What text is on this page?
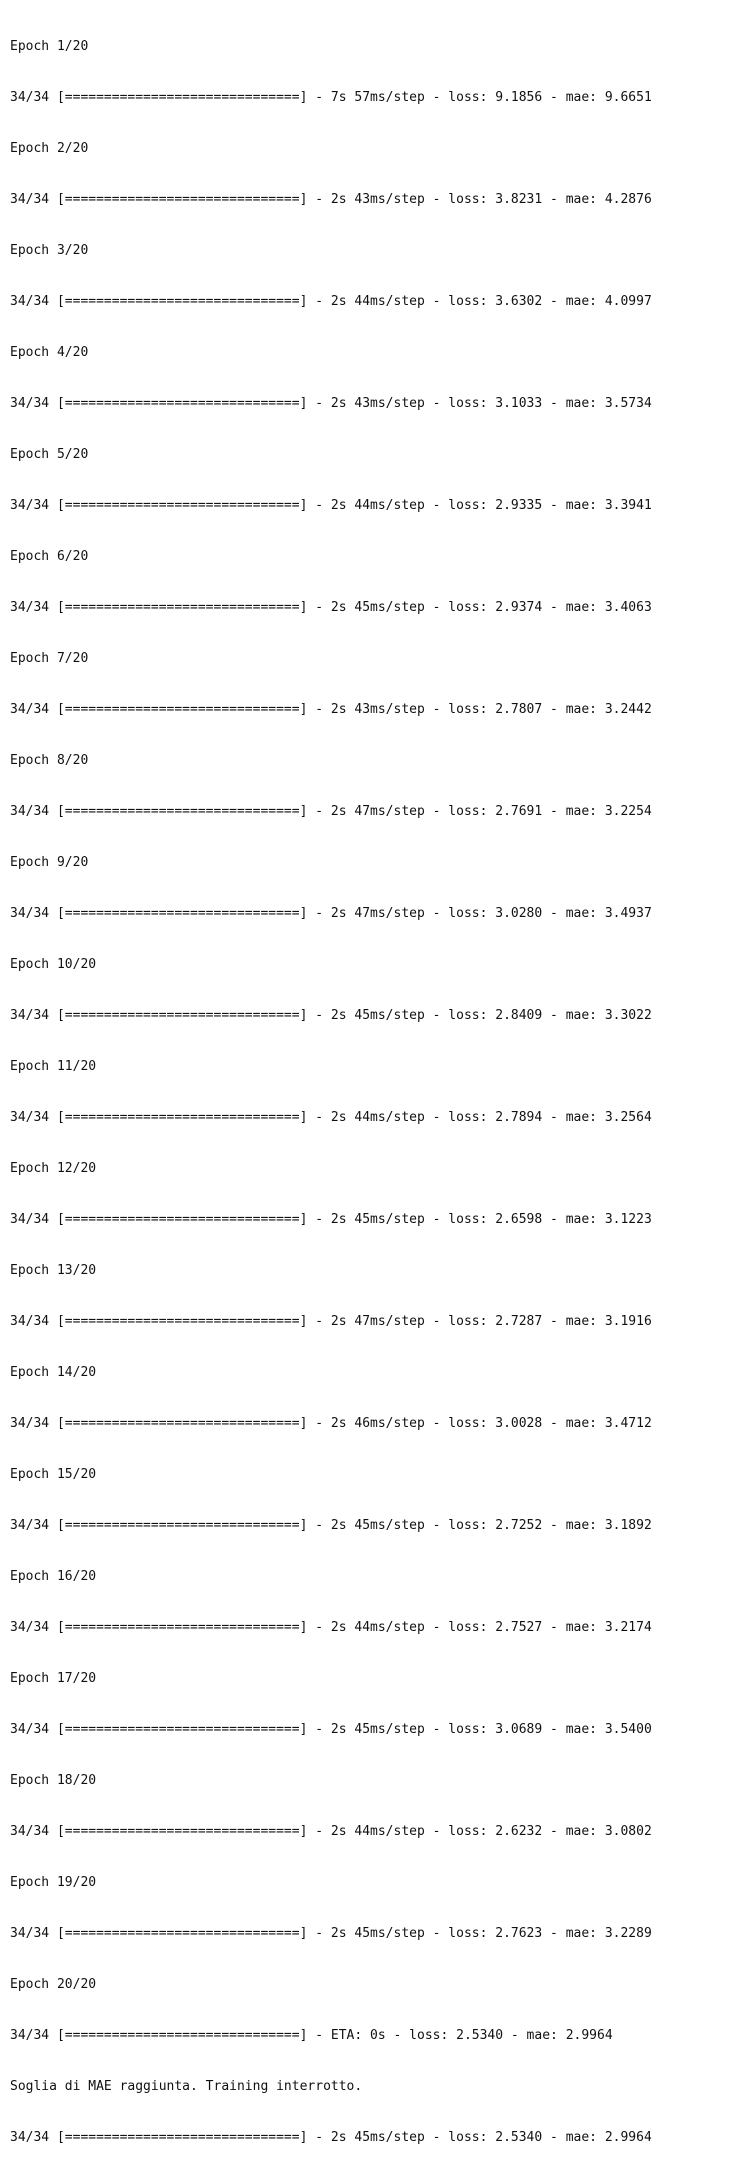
Epoch 1/20

34/34 [==============================] - 7s 57ms/step - loss: 9.1856 - mae: 9.6651

Epoch 2/20

34/34 [==============================] - 2s 43ms/step - loss: 3.8231 - mae: 4.2876

Epoch 3/20

34/34 [==============================] - 2s 44ms/step - loss: 3.6302 - mae: 4.0997

Epoch 4/20

34/34 [==============================] - 2s 43ms/step - loss: 3.1033 - mae: 3.5734

Epoch 5/20

34/34 [==============================] - 2s 44ms/step - loss: 2.9335 - mae: 3.3941

Epoch 6/20

34/34 [==============================] - 2s 45ms/step - loss: 2.9374 - mae: 3.4063

Epoch 7/20

34/34 [==============================] - 2s 43ms/step - loss: 2.7807 - mae: 3.2442

Epoch 8/20

34/34 [==============================] - 2s 47ms/step - loss: 2.7691 - mae: 3.2254

Epoch 9/20

34/34 [==============================] - 2s 47ms/step - loss: 3.0280 - mae: 3.4937

Epoch 10/20

34/34 [==============================] - 2s 45ms/step - loss: 2.8409 - mae: 3.3022

Epoch 11/20

34/34 [==============================] - 2s 44ms/step - loss: 2.7894 - mae: 3.2564

Epoch 12/20

34/34 [==============================] - 2s 45ms/step - loss: 2.6598 - mae: 3.1223

Epoch 13/20

34/34 [==============================] - 2s 47ms/step - loss: 2.7287 - mae: 3.1916

Epoch 14/20

34/34 [==============================] - 2s 46ms/step - loss: 3.0028 - mae: 3.4712

Epoch 15/20

34/34 [==============================] - 2s 45ms/step - loss: 2.7252 - mae: 3.1892

Epoch 16/20

34/34 [==============================] - 2s 44ms/step - loss: 2.7527 - mae: 3.2174

Epoch 17/20

34/34 [==============================] - 2s 45ms/step - loss: 3.0689 - mae: 3.5400

Epoch 18/20

34/34 [==============================] - 2s 44ms/step - loss: 2.6232 - mae: 3.0802

Epoch 19/20

34/34 [==============================] - 2s 45ms/step - loss: 2.7623 - mae: 3.2289

Epoch 20/20

34/34 [==============================] - ETA: 0s - loss: 2.5340 - mae: 2.9964

Soglia di MAE raggiunta. Training interrotto.

34/34 [==============================] - 2s 45ms/step - loss: 2.5340 - mae: 2.9964
